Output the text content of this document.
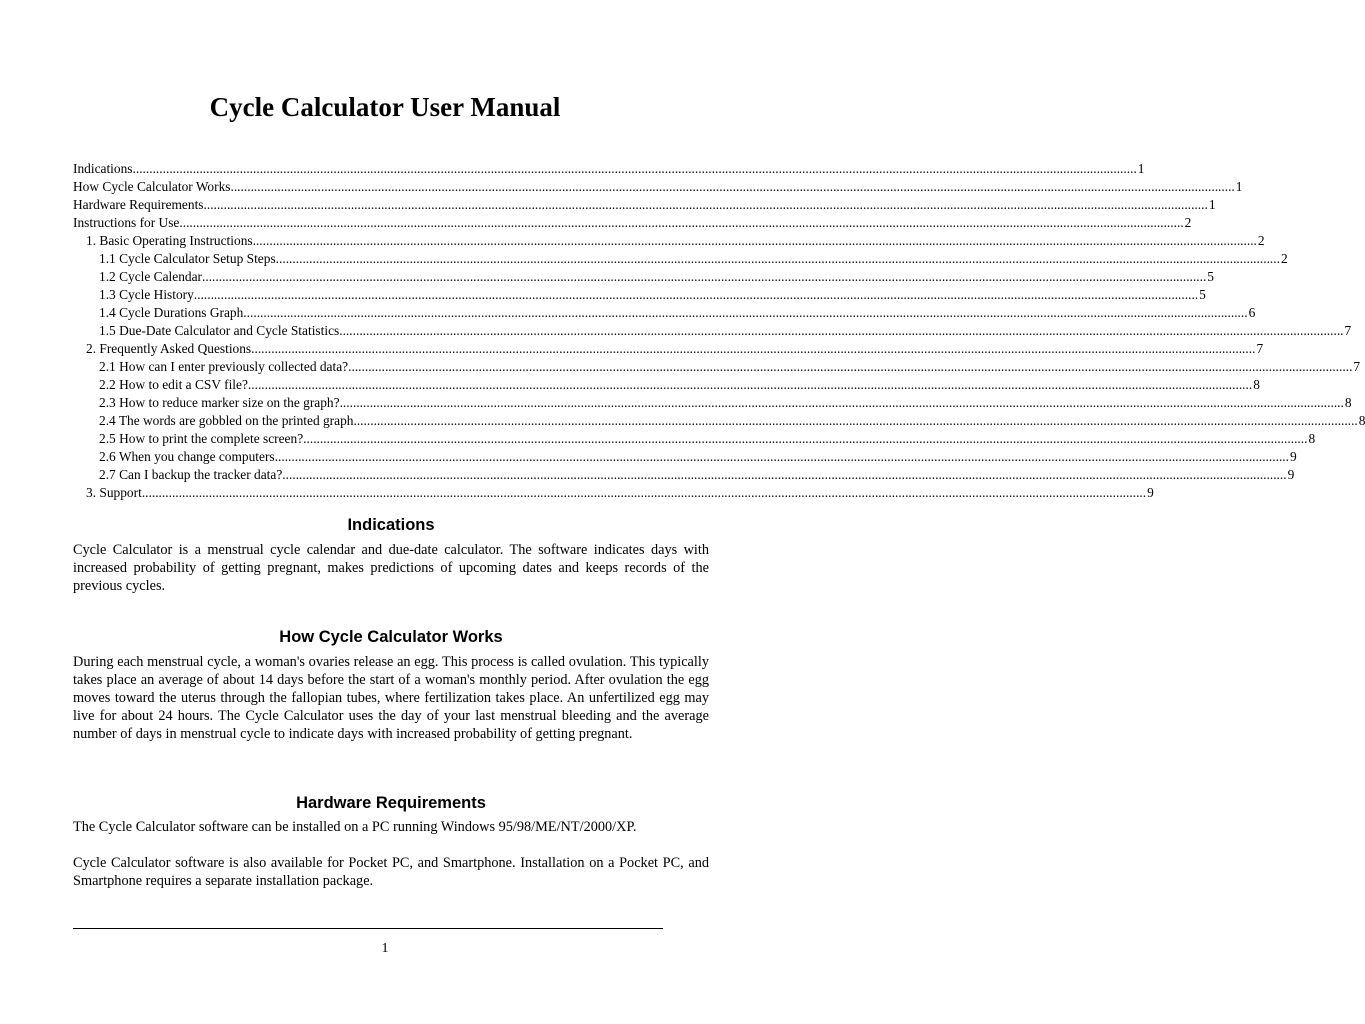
Cycle Calculator User Manual
Indications ............................................................................................................................................................................................................................................................................................................ 1
How Cycle Calculator Works ............................................................................................................................................................................................................................................................................................................ 1
Hardware Requirements ............................................................................................................................................................................................................................................................................................................ 1
Instructions for Use ............................................................................................................................................................................................................................................................................................................ 2
1. Basic Operating Instructions ............................................................................................................................................................................................................................................................................................................ 2
1.1 Cycle Calculator Setup Steps ............................................................................................................................................................................................................................................................................................................ 2
1.2 Cycle Calendar ............................................................................................................................................................................................................................................................................................................ 5
1.3 Cycle History ............................................................................................................................................................................................................................................................................................................ 5
1.4 Cycle Durations Graph ............................................................................................................................................................................................................................................................................................................ 6
1.5 Due-Date Calculator and Cycle Statistics ............................................................................................................................................................................................................................................................................................................ 7
2. Frequently Asked Questions ............................................................................................................................................................................................................................................................................................................ 7
2.1 How can I enter previously collected data? ............................................................................................................................................................................................................................................................................................................ 7
2.2 How to edit a CSV file? ............................................................................................................................................................................................................................................................................................................ 8
2.3 How to reduce marker size on the graph? ............................................................................................................................................................................................................................................................................................................ 8
2.4 The words are gobbled on the printed graph ............................................................................................................................................................................................................................................................................................................ 8
2.5 How to print the complete screen? ............................................................................................................................................................................................................................................................................................................ 8
2.6 When you change computers... ............................................................................................................................................................................................................................................................................................................ 9
2.7 Can I backup the tracker data? ............................................................................................................................................................................................................................................................................................................ 9
3. Support ............................................................................................................................................................................................................................................................................................................ 9
Indications

Cycle Calculator is a menstrual cycle calendar and due-date calculator. The software indicates days with increased probability of getting pregnant, makes predictions of upcoming dates and keeps records of the previous cycles.

How Cycle Calculator Works

During each menstrual cycle, a woman's ovaries release an egg. This process is called ovulation. This typically takes place an average of about 14 days before the start of a woman's monthly period. After ovulation the egg moves toward the uterus through the fallopian tubes, where fertilization takes place. An unfertilized egg may live for about 24 hours. The Cycle Calculator uses the day of your last menstrual bleeding and the average number of days in menstrual cycle to indicate days with increased probability of getting pregnant.

Hardware Requirements

The Cycle Calculator software can be installed on a PC running Windows 95/98/ME/NT/2000/XP.

Cycle Calculator software is also available for Pocket PC, and Smartphone. Installation on a Pocket PC, and Smartphone requires a separate installation package.

1
